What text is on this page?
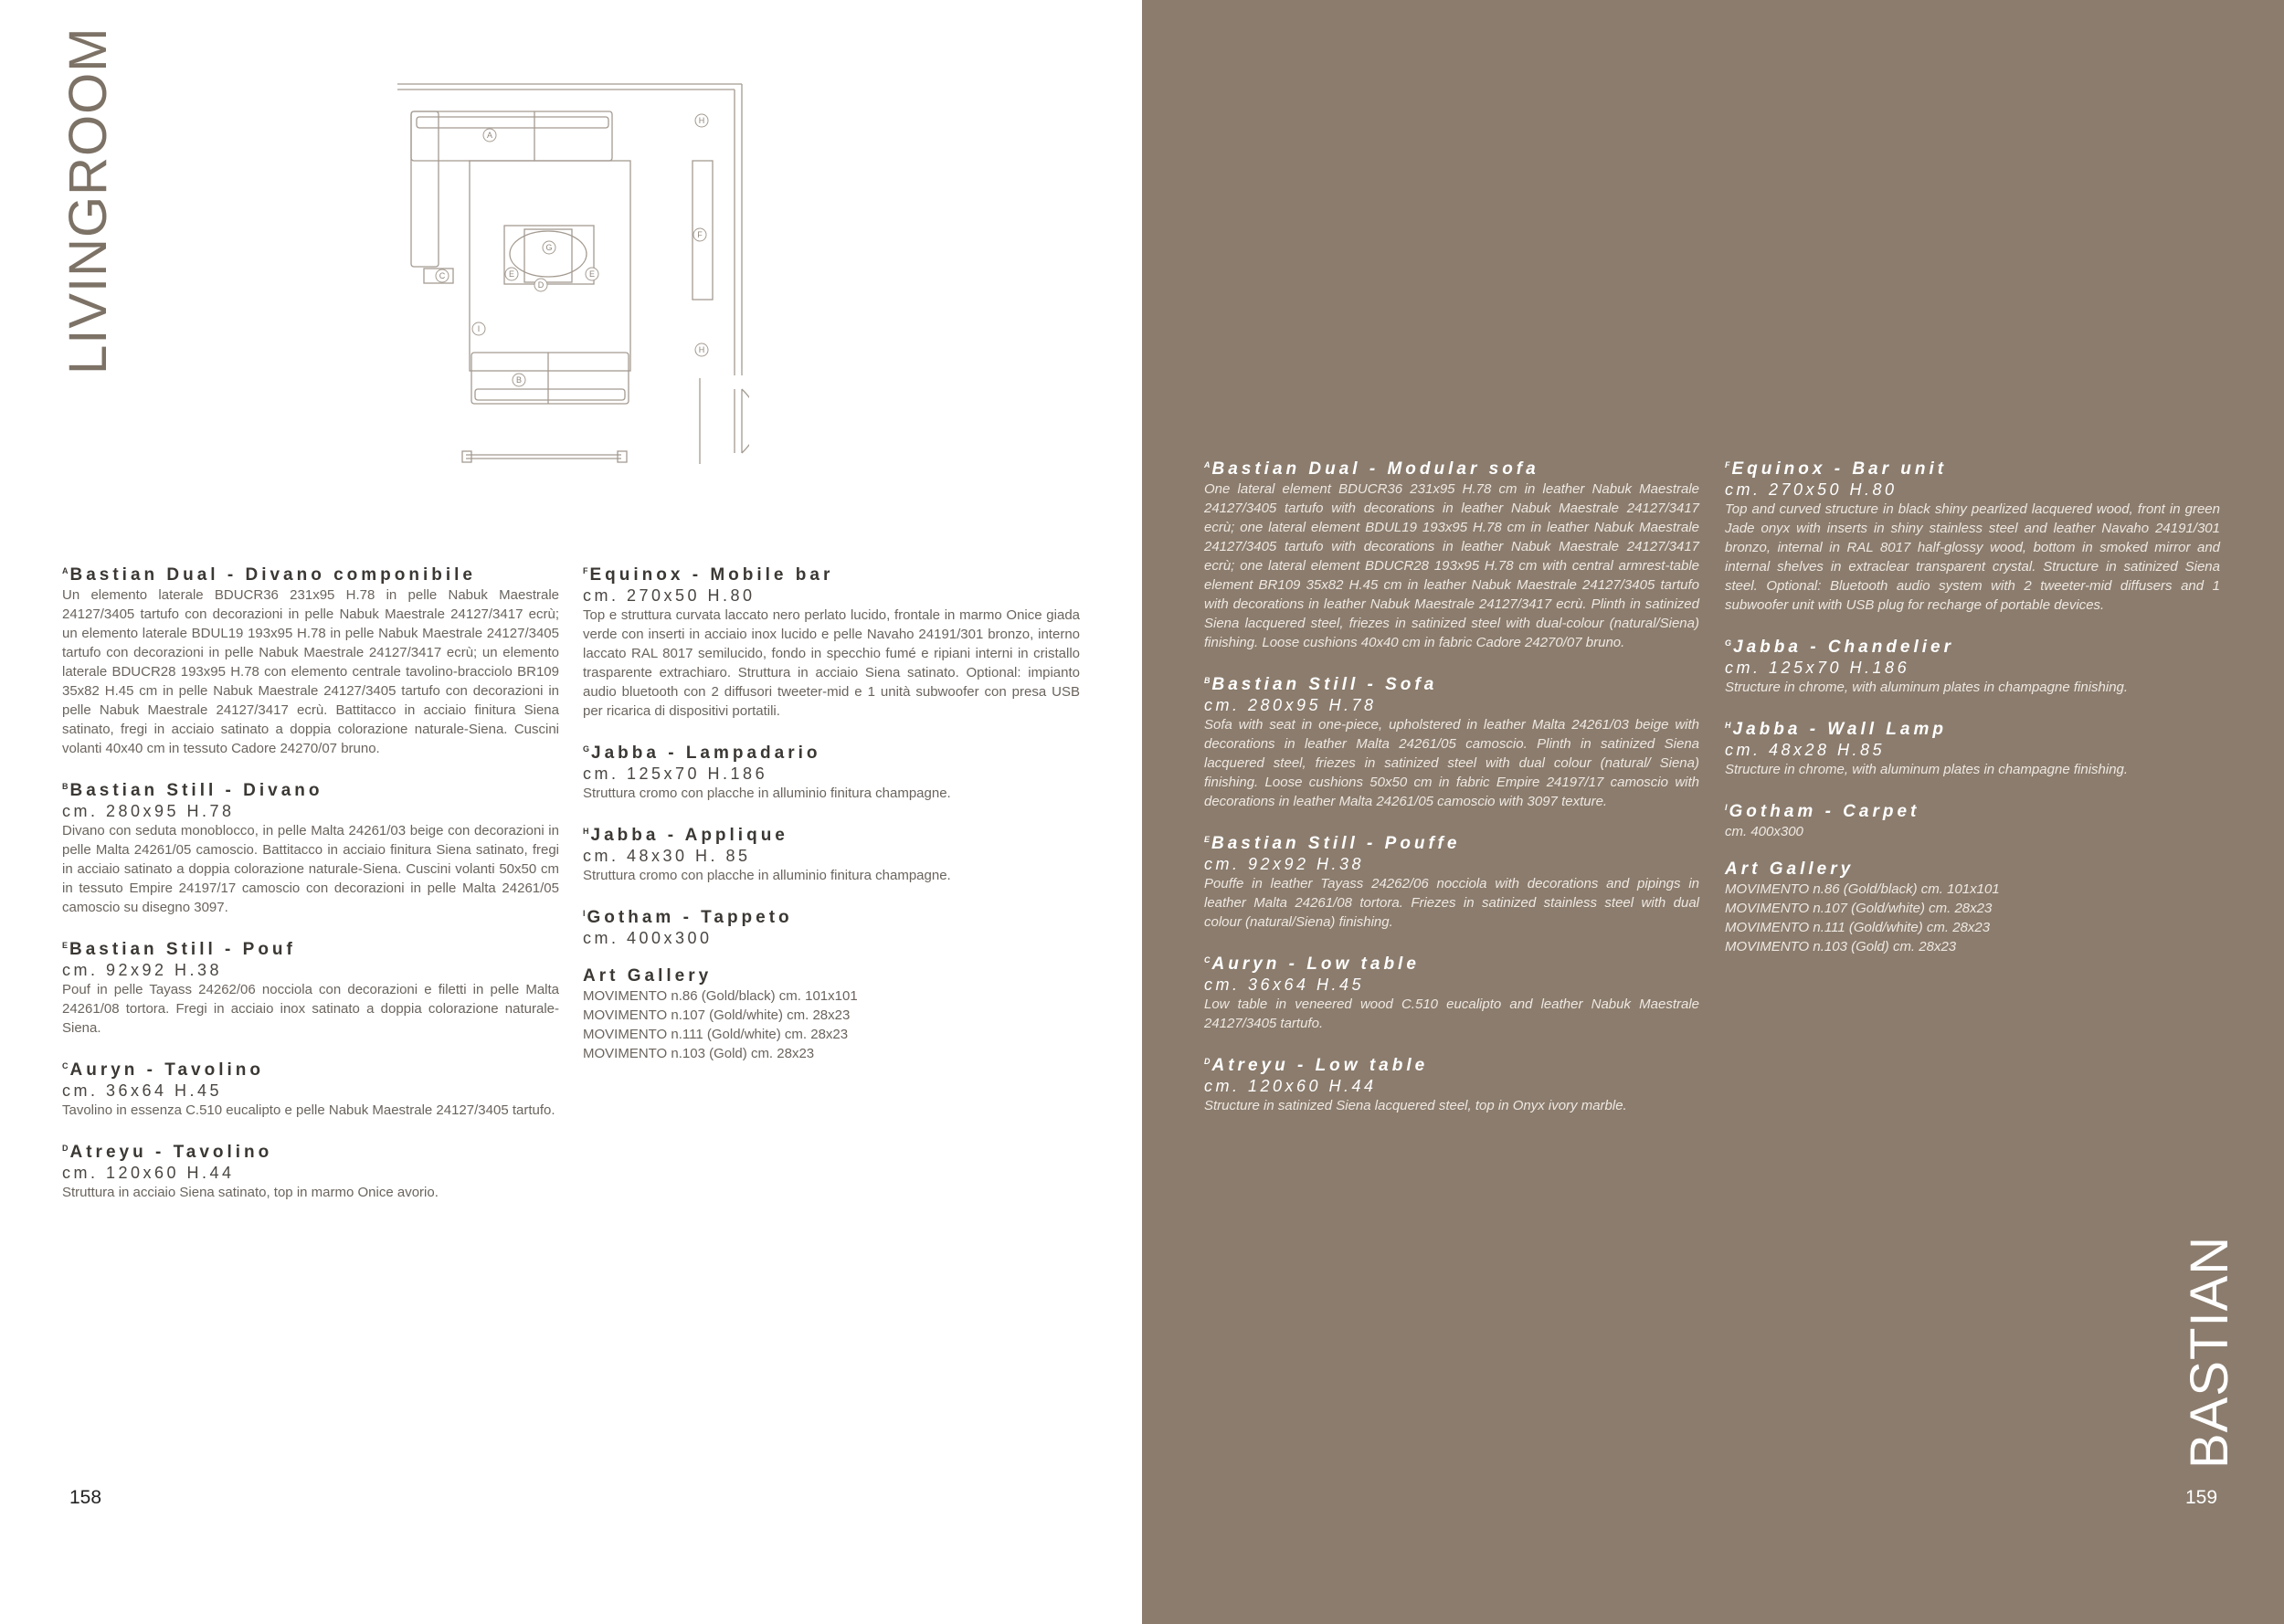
LIVINGROOM	A
B
C
D
E	E
F
G
H
H
I
$^A$ Bastian Dual - Divano componibile
Un elemento laterale BDUCR36 231x95 H.78 in pelle Nabuk Maestrale 24127/3405 tartufo con decorazioni in pelle Nabuk Maestrale 24127/3417 ecrù; un elemento laterale BDUL19 193x95 H.78 in pelle Nabuk Maestrale 24127/3405 tartufo con decorazioni in pelle Nabuk Maestrale 24127/3417 ecrù; un elemento laterale BDUCR28 193x95 H.78 con elemento centrale tavolino-bracciolo BR109 35x82 H.45 cm in pelle Nabuk Maestrale 24127/3405 tartufo con decorazioni in pelle Nabuk Maestrale 24127/3417 ecrù. Battitacco in acciaio finitura Siena satinato, fregi in acciaio satinato a doppia colorazione naturale-Siena. Cuscini volanti 40x40 cm in tessuto Cadore 24270/07 bruno.
$^B$ Bastian Still - Divano
cm. 280x95 H.78
Divano con seduta monoblocco, in pelle Malta 24261/03 beige con decorazioni in pelle Malta 24261/05 camoscio. Battitacco in acciaio finitura Siena satinato, fregi in acciaio satinato a doppia colorazione naturale-Siena. Cuscini volanti 50x50 cm in tessuto Empire 24197/17 camoscio con decorazioni in pelle Malta 24261/05 camoscio su disegno 3097.
$^E$ Bastian Still - Pouf
cm. 92x92 H.38
Pouf in pelle Tayass 24262/06 nocciola con decorazioni e filetti in pelle Malta 24261/08 tortora. Fregi in acciaio inox satinato a doppia colorazione naturale-Siena.
$^C$ Auryn - Tavolino
cm. 36x64 H.45
Tavolino in essenza C.510 eucalipto e pelle Nabuk Maestrale 24127/3405 tartufo.
$^D$ Atreyu - Tavolino
cm. 120x60 H.44
Struttura in acciaio Siena satinato, top in marmo Onice avorio.
$^F$ Equinox - Mobile bar
cm. 270x50 H.80
Top e struttura curvata laccato nero perlato lucido, frontale in marmo Onice giada verde con inserti in acciaio inox lucido e pelle Navaho 24191/301 bronzo, interno laccato RAL 8017 semilucido, fondo in specchio fumé e ripiani interni in cristallo trasparente extrachiaro. Struttura in acciaio Siena satinato. Optional: impianto audio bluetooth con 2 diffusori tweeter-mid e 1 unità subwoofer con presa USB per ricarica di dispositivi portatili.
$^G$ Jabba - Lampadario
cm. 125x70 H.186
Struttura cromo con placche in alluminio finitura champagne.
$^H$ Jabba - Applique
cm. 48x30 H. 85
Struttura cromo con placche in alluminio finitura champagne.
$^I$ Gotham - Tappeto
cm. 400x300
Art Gallery
MOVIMENTO n.86 (Gold/black) cm. 101x101
MOVIMENTO n.107 (Gold/white) cm. 28x23
MOVIMENTO n.111 (Gold/white) cm. 28x23
MOVIMENTO n.103 (Gold) cm. 28x23
158
$^A$ Bastian Dual - Modular sofa
One lateral element BDUCR36 231x95 H.78 cm in leather Nabuk Maestrale 24127/3405 tartufo with decorations in leather Nabuk Maestrale 24127/3417 ecrù; one lateral element BDUL19 193x95 H.78 cm in leather Nabuk Maestrale 24127/3405 tartufo with decorations in leather Nabuk Maestrale 24127/3417 ecrù; one lateral element BDUCR28 193x95 H.78 cm with central armrest-table element BR109 35x82 H.45 cm in leather Nabuk Maestrale 24127/3405 tartufo with decorations in leather Nabuk Maestrale 24127/3417 ecrù. Plinth in satinized Siena lacquered steel, friezes in satinized steel with dual-colour (natural/Siena) finishing. Loose cushions 40x40 cm in fabric Cadore 24270/07 bruno.
$^B$ Bastian Still - Sofa
cm. 280x95 H.78
Sofa with seat in one-piece, upholstered in leather Malta 24261/03 beige with decorations in leather Malta 24261/05 camoscio. Plinth in satinized Siena lacquered steel, friezes in satinized steel with dual colour (natural/ Siena) finishing. Loose cushions 50x50 cm in fabric Empire 24197/17 camoscio with decorations in leather Malta 24261/05 camoscio with 3097 texture.
$^E$ Bastian Still - Pouffe
cm. 92x92 H.38
Pouffe in leather Tayass 24262/06 nocciola with decorations and pipings in leather Malta 24261/08 tortora. Friezes in satinized stainless steel with dual colour (natural/Siena) finishing.
$^C$ Auryn - Low table
cm. 36x64 H.45
Low table in veneered wood C.510 eucalipto and leather Nabuk Maestrale 24127/3405 tartufo.
$^D$ Atreyu - Low table
cm. 120x60 H.44
Structure in satinized Siena lacquered steel, top in Onyx ivory marble.
$^F$ Equinox - Bar unit
cm. 270x50 H.80
Top and curved structure in black shiny pearlized lacquered wood, front in green Jade onyx with inserts in shiny stainless steel and leather Navaho 24191/301 bronzo, internal in RAL 8017 half-glossy wood, bottom in smoked mirror and internal shelves in extraclear transparent crystal. Structure in satinized Siena steel. Optional: Bluetooth audio system with 2 tweeter-mid diffusers and 1 subwoofer unit with USB plug for recharge of portable devices.
$^G$ Jabba - Chandelier
cm. 125x70 H.186
Structure in chrome, with aluminum plates in champagne finishing.
$^H$ Jabba - Wall Lamp
cm. 48x28 H.85
Structure in chrome, with aluminum plates in champagne finishing.
$^I$ Gotham - Carpet
cm. 400x300
Art Gallery
MOVIMENTO n.86 (Gold/black) cm. 101x101
MOVIMENTO n.107 (Gold/white) cm. 28x23
MOVIMENTO n.111 (Gold/white) cm. 28x23
MOVIMENTO n.103 (Gold) cm. 28x23
159
BASTIAN
